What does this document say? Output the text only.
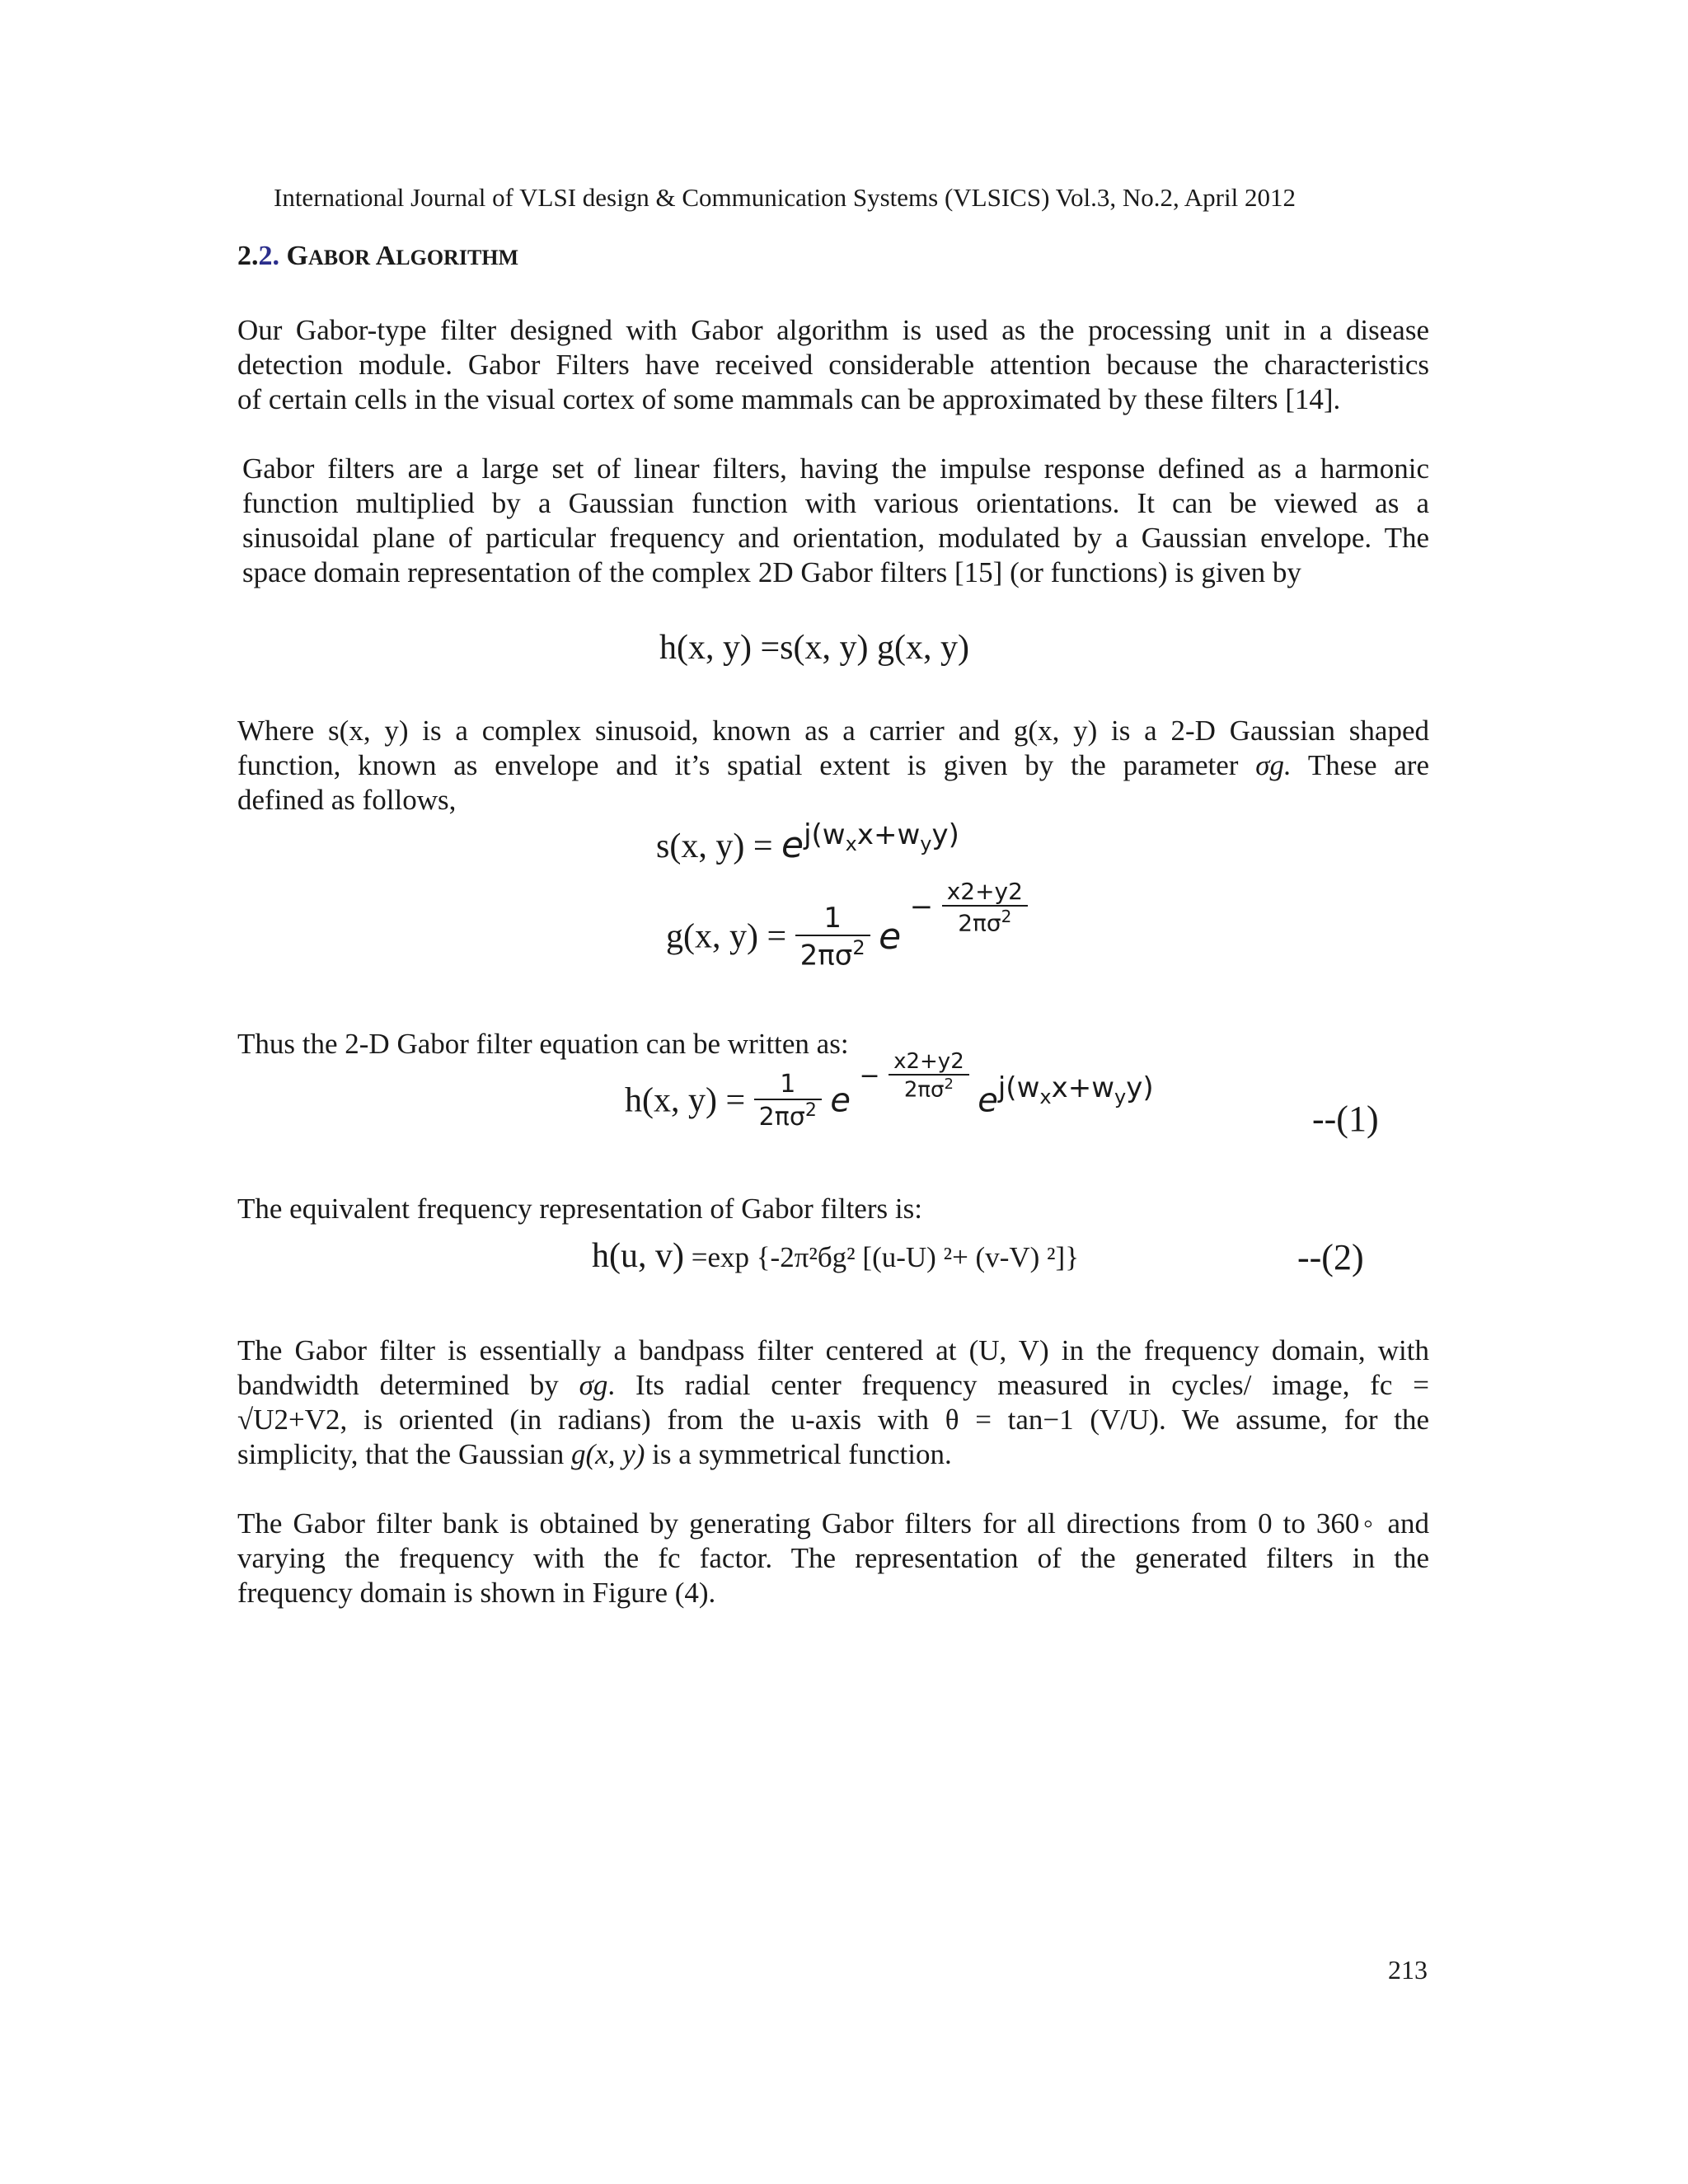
International Journal of VLSI design & Communication Systems (VLSICS) Vol.3, No.2, April 2012
2.2. GABOR ALGORITHM
Our Gabor-type filter designed with Gabor algorithm is used as the processing unit in a disease
detection module. Gabor Filters have received considerable attention because the characteristics
of certain cells in the visual cortex of some mammals can be approximated by these filters [14].
Gabor filters are a large set of linear filters, having the impulse response defined as a harmonic
function multiplied by a Gaussian function with various orientations. It can be viewed as a
sinusoidal plane of particular frequency and orientation, modulated by a Gaussian envelope. The
space domain representation of the complex 2D Gabor filters [15] (or functions) is given by
h(x, y) =s(x, y) g(x, y)
Where s(x, y) is a complex sinusoid, known as a carrier and g(x, y) is a 2-D Gaussian shaped
function, known as envelope and it’s spatial extent is given by the parameter σg. These are
defined as follows,
s(x, $y) = e^{j(w_xx+w_yy)}$
g(x, $y) = \frac{1}{2\pi\sigma^2}$ $e - \frac{x2+y2}{2\pi\sigma^2}$
Thus the 2-D Gabor filter equation can be written as:
h(x, $y) = \frac{1}{2\pi\sigma^2}$ $e - \frac{x2+y2}{2\pi\sigma^2} e^{j(w_xx+w_yy)}$
--(1)
The equivalent frequency representation of Gabor filters is:
h(u, v) =exp {-2π²бg² [(u-U) ²+ (v-V) ²]}	--(2)
The Gabor filter is essentially a bandpass filter centered at (U, V) in the frequency domain, with
bandwidth determined by σg. Its radial center frequency measured in cycles/ image, fc =
√U2+V2, is oriented (in radians) from the u-axis with θ = tan−1 (V/U). We assume, for the
simplicity, that the Gaussian g(x, y) is a symmetrical function.
The Gabor filter bank is obtained by generating Gabor filters for all directions from 0 to 360◦ and
varying the frequency with the fc factor. The representation of the generated filters in the
frequency domain is shown in Figure (4).
213
